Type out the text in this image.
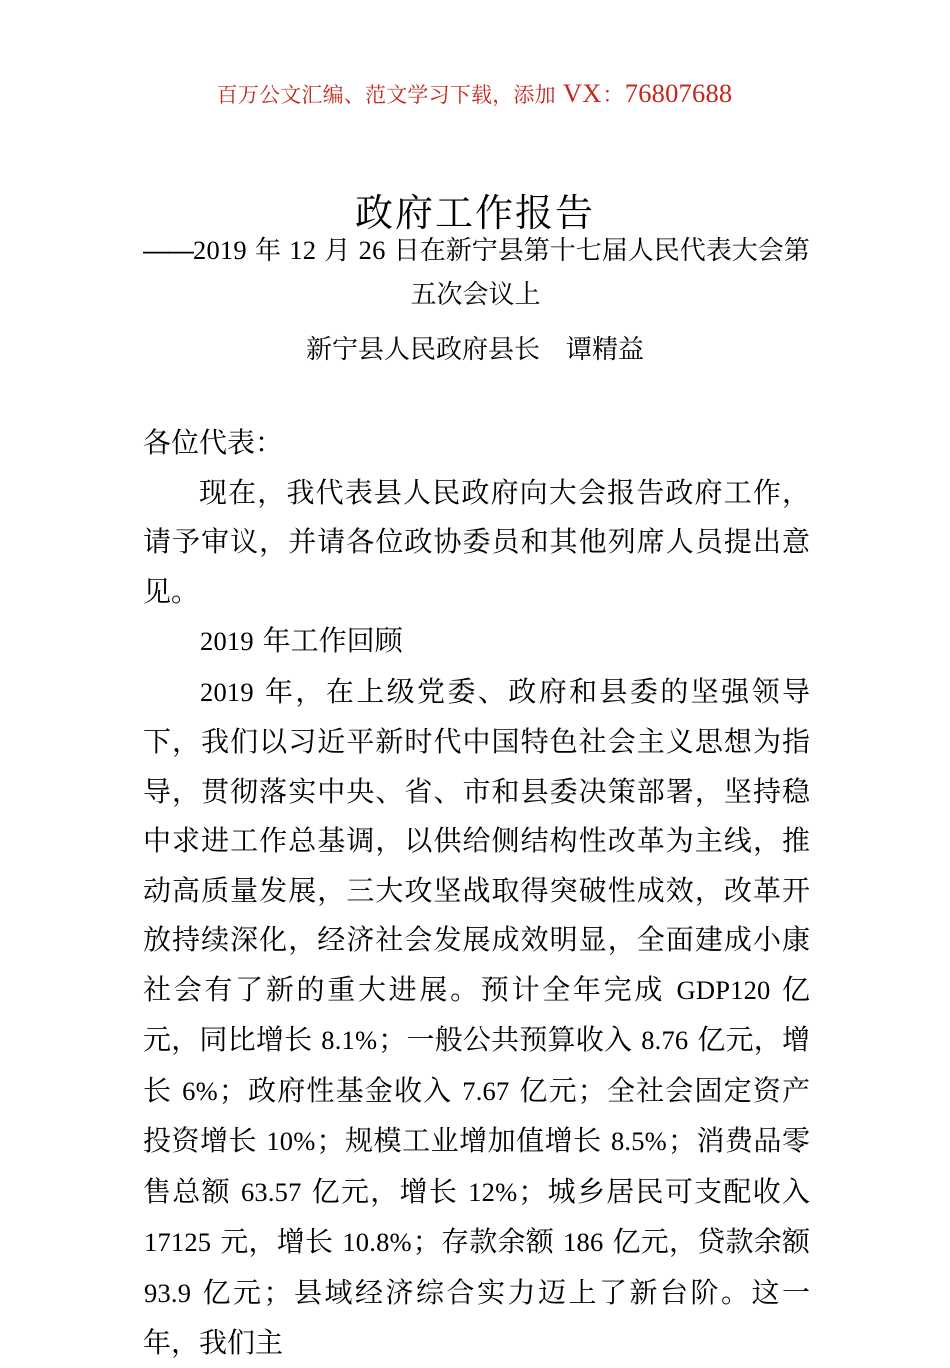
百万公文汇编、范文学习下载，添加 VX：76807688
政府工作报告
——2019 年 12 月 26 日在新宁县第十七届人民代表大会第
五次会议上
新宁县人民政府县长 谭精益

各位代表：

现在，我代表县人民政府向大会报告政府工作，请予审议，并请各位政协委员和其他列席人员提出意见。

2019 年工作回顾

2019 年，在上级党委、政府和县委的坚强领导下，我们以习近平新时代中国特色社会主义思想为指导，贯彻落实中央、省、市和县委决策部署，坚持稳中求进工作总基调，以供给侧结构性改革为主线，推动高质量发展，三大攻坚战取得突破性成效，改革开放持续深化，经济社会发展成效明显，全面建成小康社会有了新的重大进展。预计全年完成 GDP120 亿元，同比增长 8.1%；一般公共预算收入 8.76 亿元，增长 6%；政府性基金收入 7.67 亿元；全社会固定资产投资增长 10%；规模工业增加值增长 8.5%；消费品零售总额 63.57 亿元，增长 12%；城乡居民可支配收入 17125 元，增长 10.8%；存款余额 186 亿元，贷款余额 93.9 亿元；县域经济综合实力迈上了新台阶。这一年，我们主
